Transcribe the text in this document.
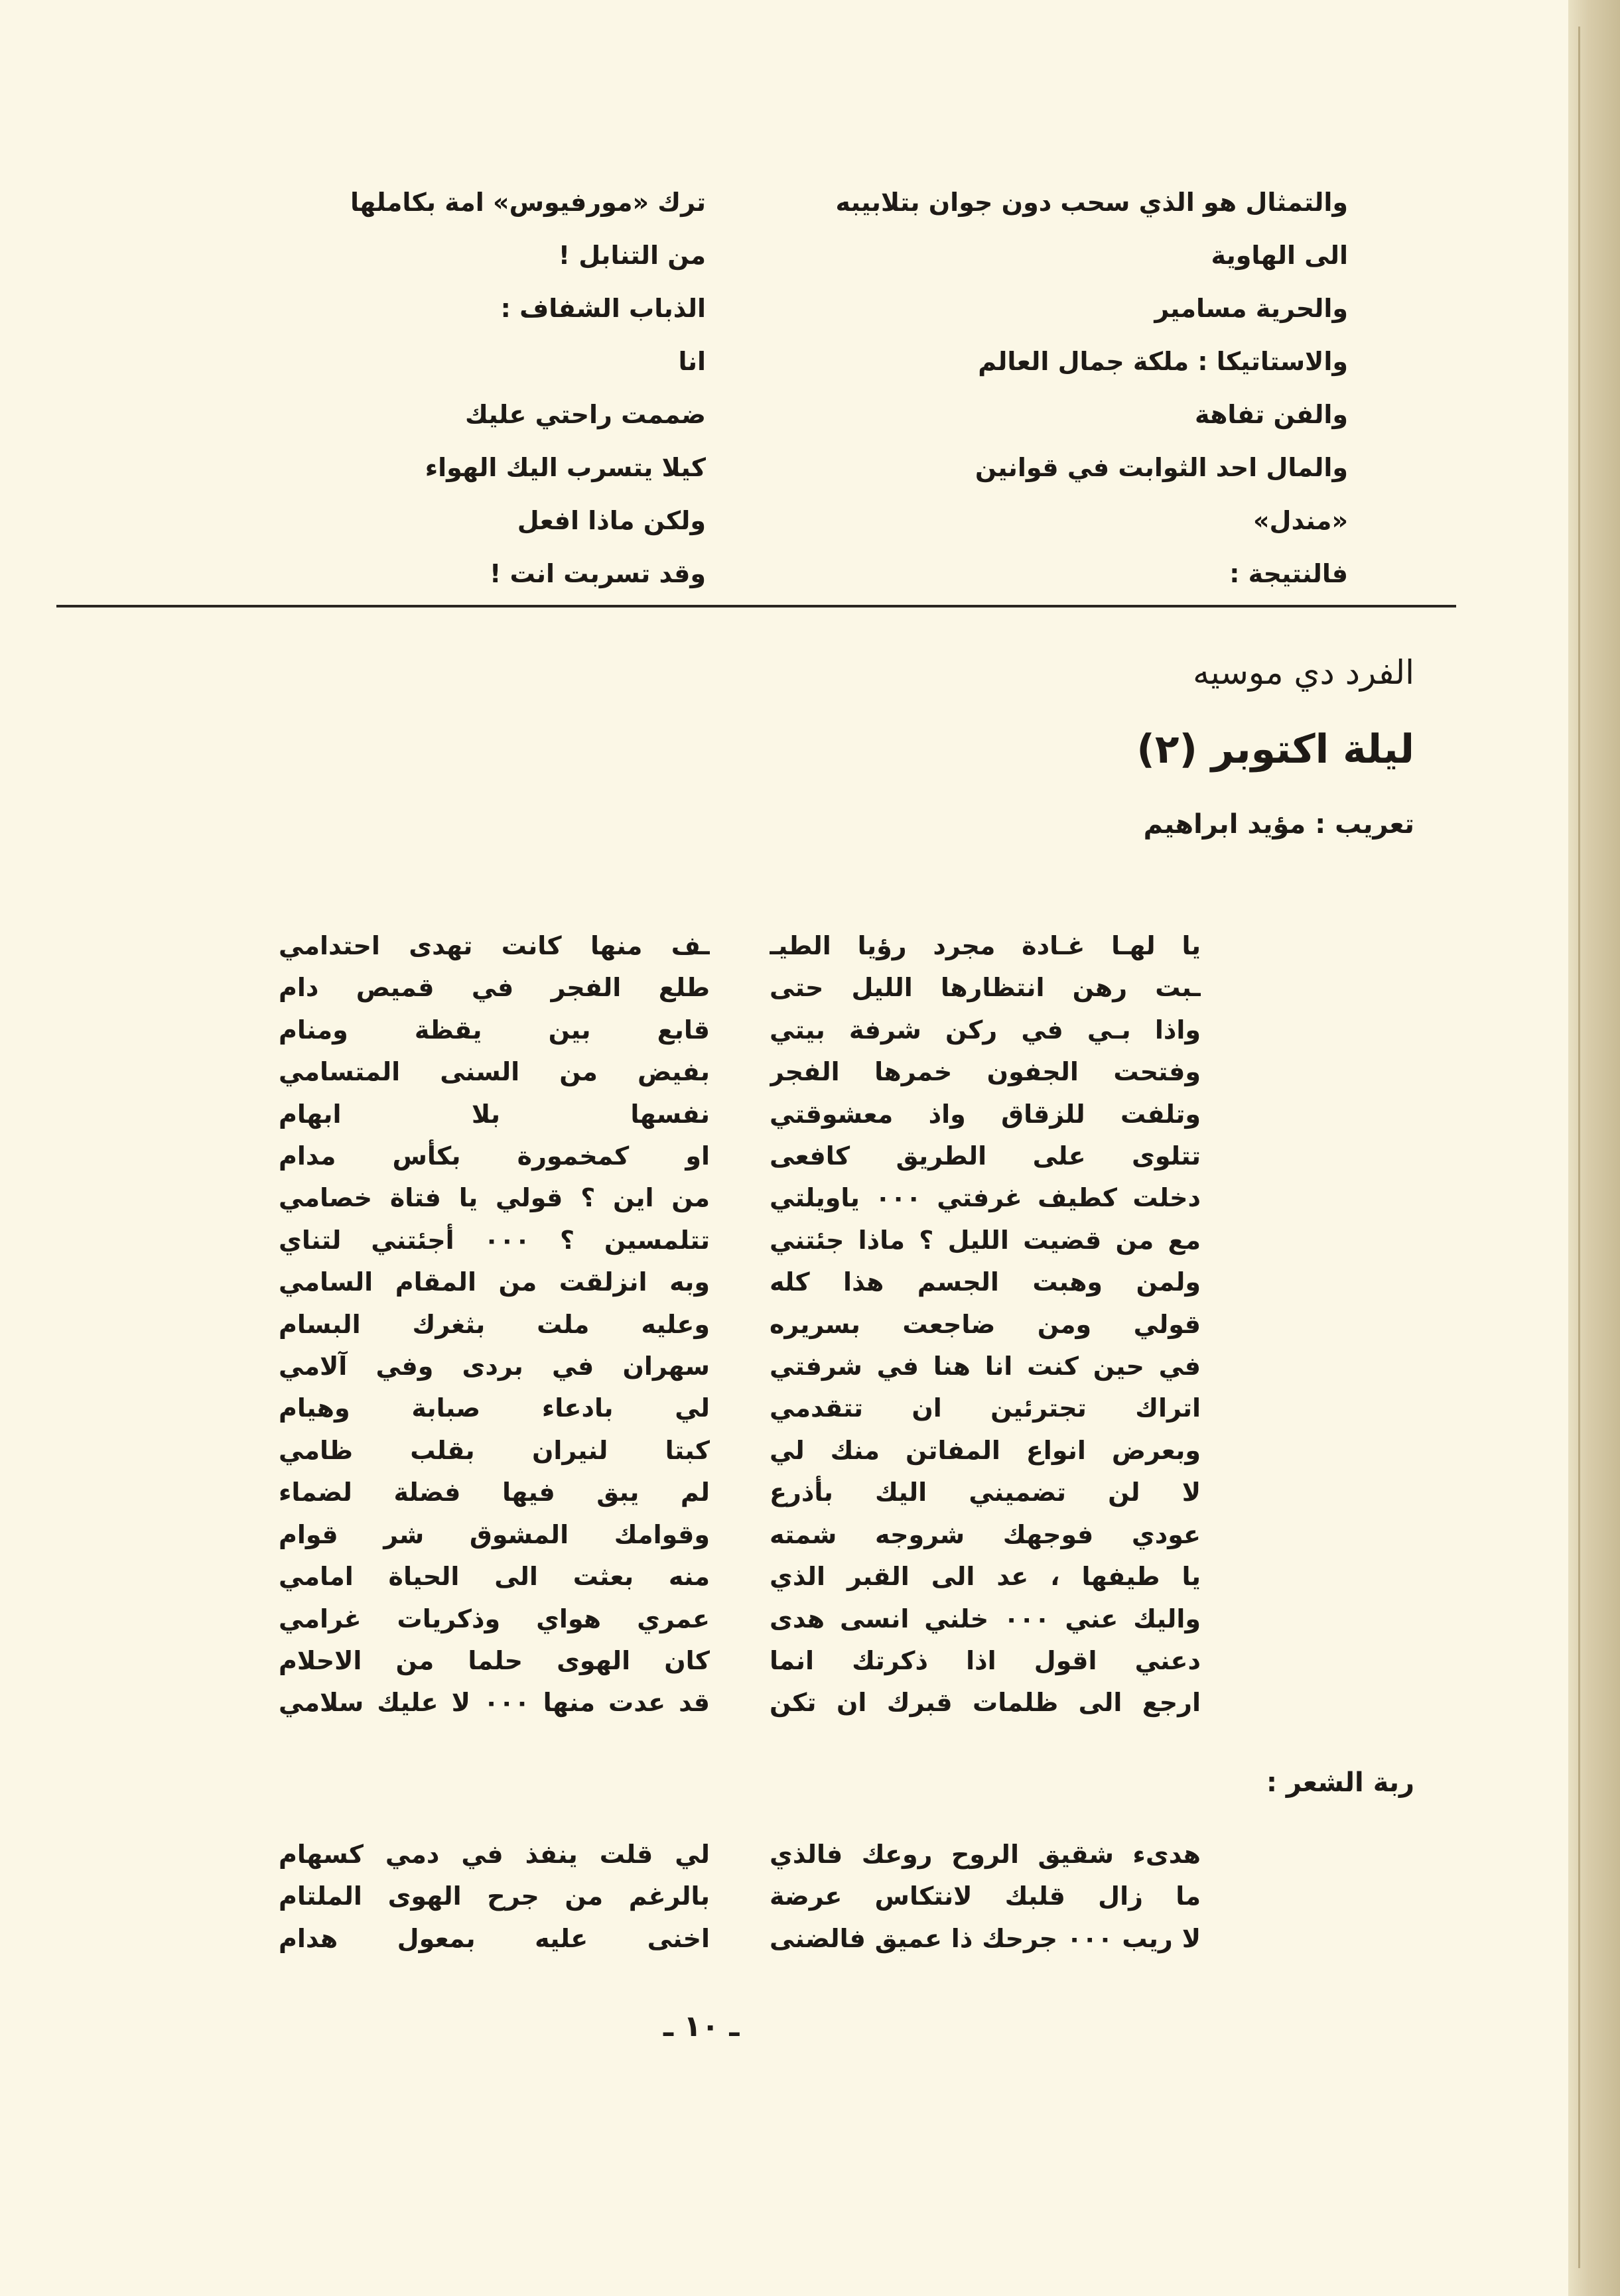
والتمثال هو الذي سحب دون جوان بتلابيبه
الى الهاوية
والحرية مسامير
والاستاتيكا : ملكة جمال العالم
والفن تفاهة
والمال احد الثوابت في قوانين
«مندل»
فالنتيجة :
ترك «مورفيوس» امة بكاملها
من التنابل !
الذباب الشفاف :
انا
ضممت راحتي عليك
كيلا يتسرب اليك الهواء
ولكن ماذا افعل
وقد تسربت انت !
الفرد دي موسيه
ليلة اكتوبر (٢)
تعريب : مؤيد ابراهيم
يا لهـا غـادة مجرد رؤيا الطيـ
ـبت رهن انتظارها الليل حتى
واذا بـي في ركن شرفة بيتي
وفتحت الجفون خمرها الفجر
وتلفت للزقاق واذ معشوقتي
تتلوى على الطريق كافعى
دخلت كطيف غرفتي ٠٠٠ ياويلتي
مع من قضيت الليل ؟ ماذا جئتني
ولمن وهبت الجسم هذا كله
قولي ومن ضاجعت بسريره
في حين كنت انا هنا في شرفتي
اتراك تجترئين ان تتقدمي
وبعرض انواع المفاتن منك لي
لا لن تضميني اليك بأذرع
عودي فوجهك شروجه شمته
يا طيفها ، عد الى القبر الذي
واليك عني ٠٠٠ خلني انسى هدى
دعني اقول اذا ذكرتك انما
ارجع الى ظلمات قبرك ان تكن
ـف منها كانت تهدى احتدامي
طلع الفجر في قميص دام
قابع بين يقظة ومنام
بفيض من السنى المتسامي
نفسها بلا ابهام
او كمخمورة بكأس مدام
من اين ؟ قولي يا فتاة خصامي
تتلمسين ؟ ٠٠٠ أجئتني لتناي
وبه انزلقت من المقام السامي
وعليه ملت بثغرك البسام
سهران في بردى وفي آلامي
لي بادعاء صبابة وهيام
كبتا لنيران بقلب ظامي
لم يبق فيها فضلة لضماء
وقوامك المشوق شر قوام
منه بعثت الى الحياة امامي
عمري هواي وذكريات غرامي
كان الهوى حلما من الاحلام
قد عدت منها ٠٠٠ لا عليك سلامي
ربة الشعر :
هدىء شقيق الروح روعك فالذي
ما زال قلبك لانتكاس عرضة
لا ريب ٠٠٠ جرحك ذا عميق فالضنى
لي قلت ينفذ في دمي كسهام
بالرغم من جرح الهوى الملتام
اخنى عليه بمعول هدام
ـ ١٠ ـ
